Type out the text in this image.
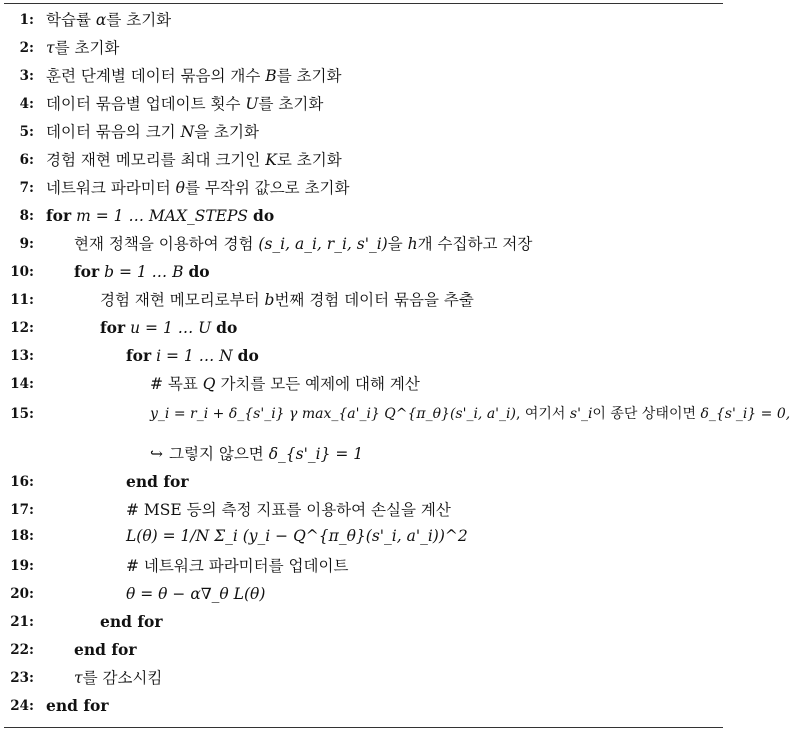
1: 학습률 α를 초기화
2: τ를 초기화
3: 훈련 단계별 데이터 묶음의 개수 B를 초기화
4: 데이터 묶음별 업데이트 횟수 U를 초기화
5: 데이터 묶음의 크기 N을 초기화
6: 경험 재현 메모리를 최대 크기인 K로 초기화
7: 네트워크 파라미터 θ를 무작위 값으로 초기화
8: for m = 1 … MAX_STEPS do
9:	현재 정책을 이용하여 경험 (s_i, a_i, r_i, s'_i)을 h개 수집하고 저장
10:	for b = 1 … B do
11:	경험 재현 메모리로부터 b번째 경험 데이터 묶음을 추출
12:	for u = 1 … U do
13:	for i = 1 … N do
14:	# 목표 Q 가치를 모든 예제에 대해 계산
15:	y_i = r_i + δ_{s'_i} γ max_{a'_i} Q^{π_θ}(s'_i, a'_i), 여기서 s'_i이 종단 상태이면 δ_{s'_i} = 0,
↪ 그렇지 않으면 δ_{s'_i} = 1
16:	end for
17:	# MSE 등의 측정 지표를 이용하여 손실을 계산
18:	L(θ) = 1/N Σ_i (y_i − Q^{π_θ}(s'_i, a'_i))^2
19:	# 네트워크 파라미터를 업데이트
20:	θ = θ − α∇_θ L(θ)
21:	end for
22:	end for
23:	τ를 감소시킴
24: end for
